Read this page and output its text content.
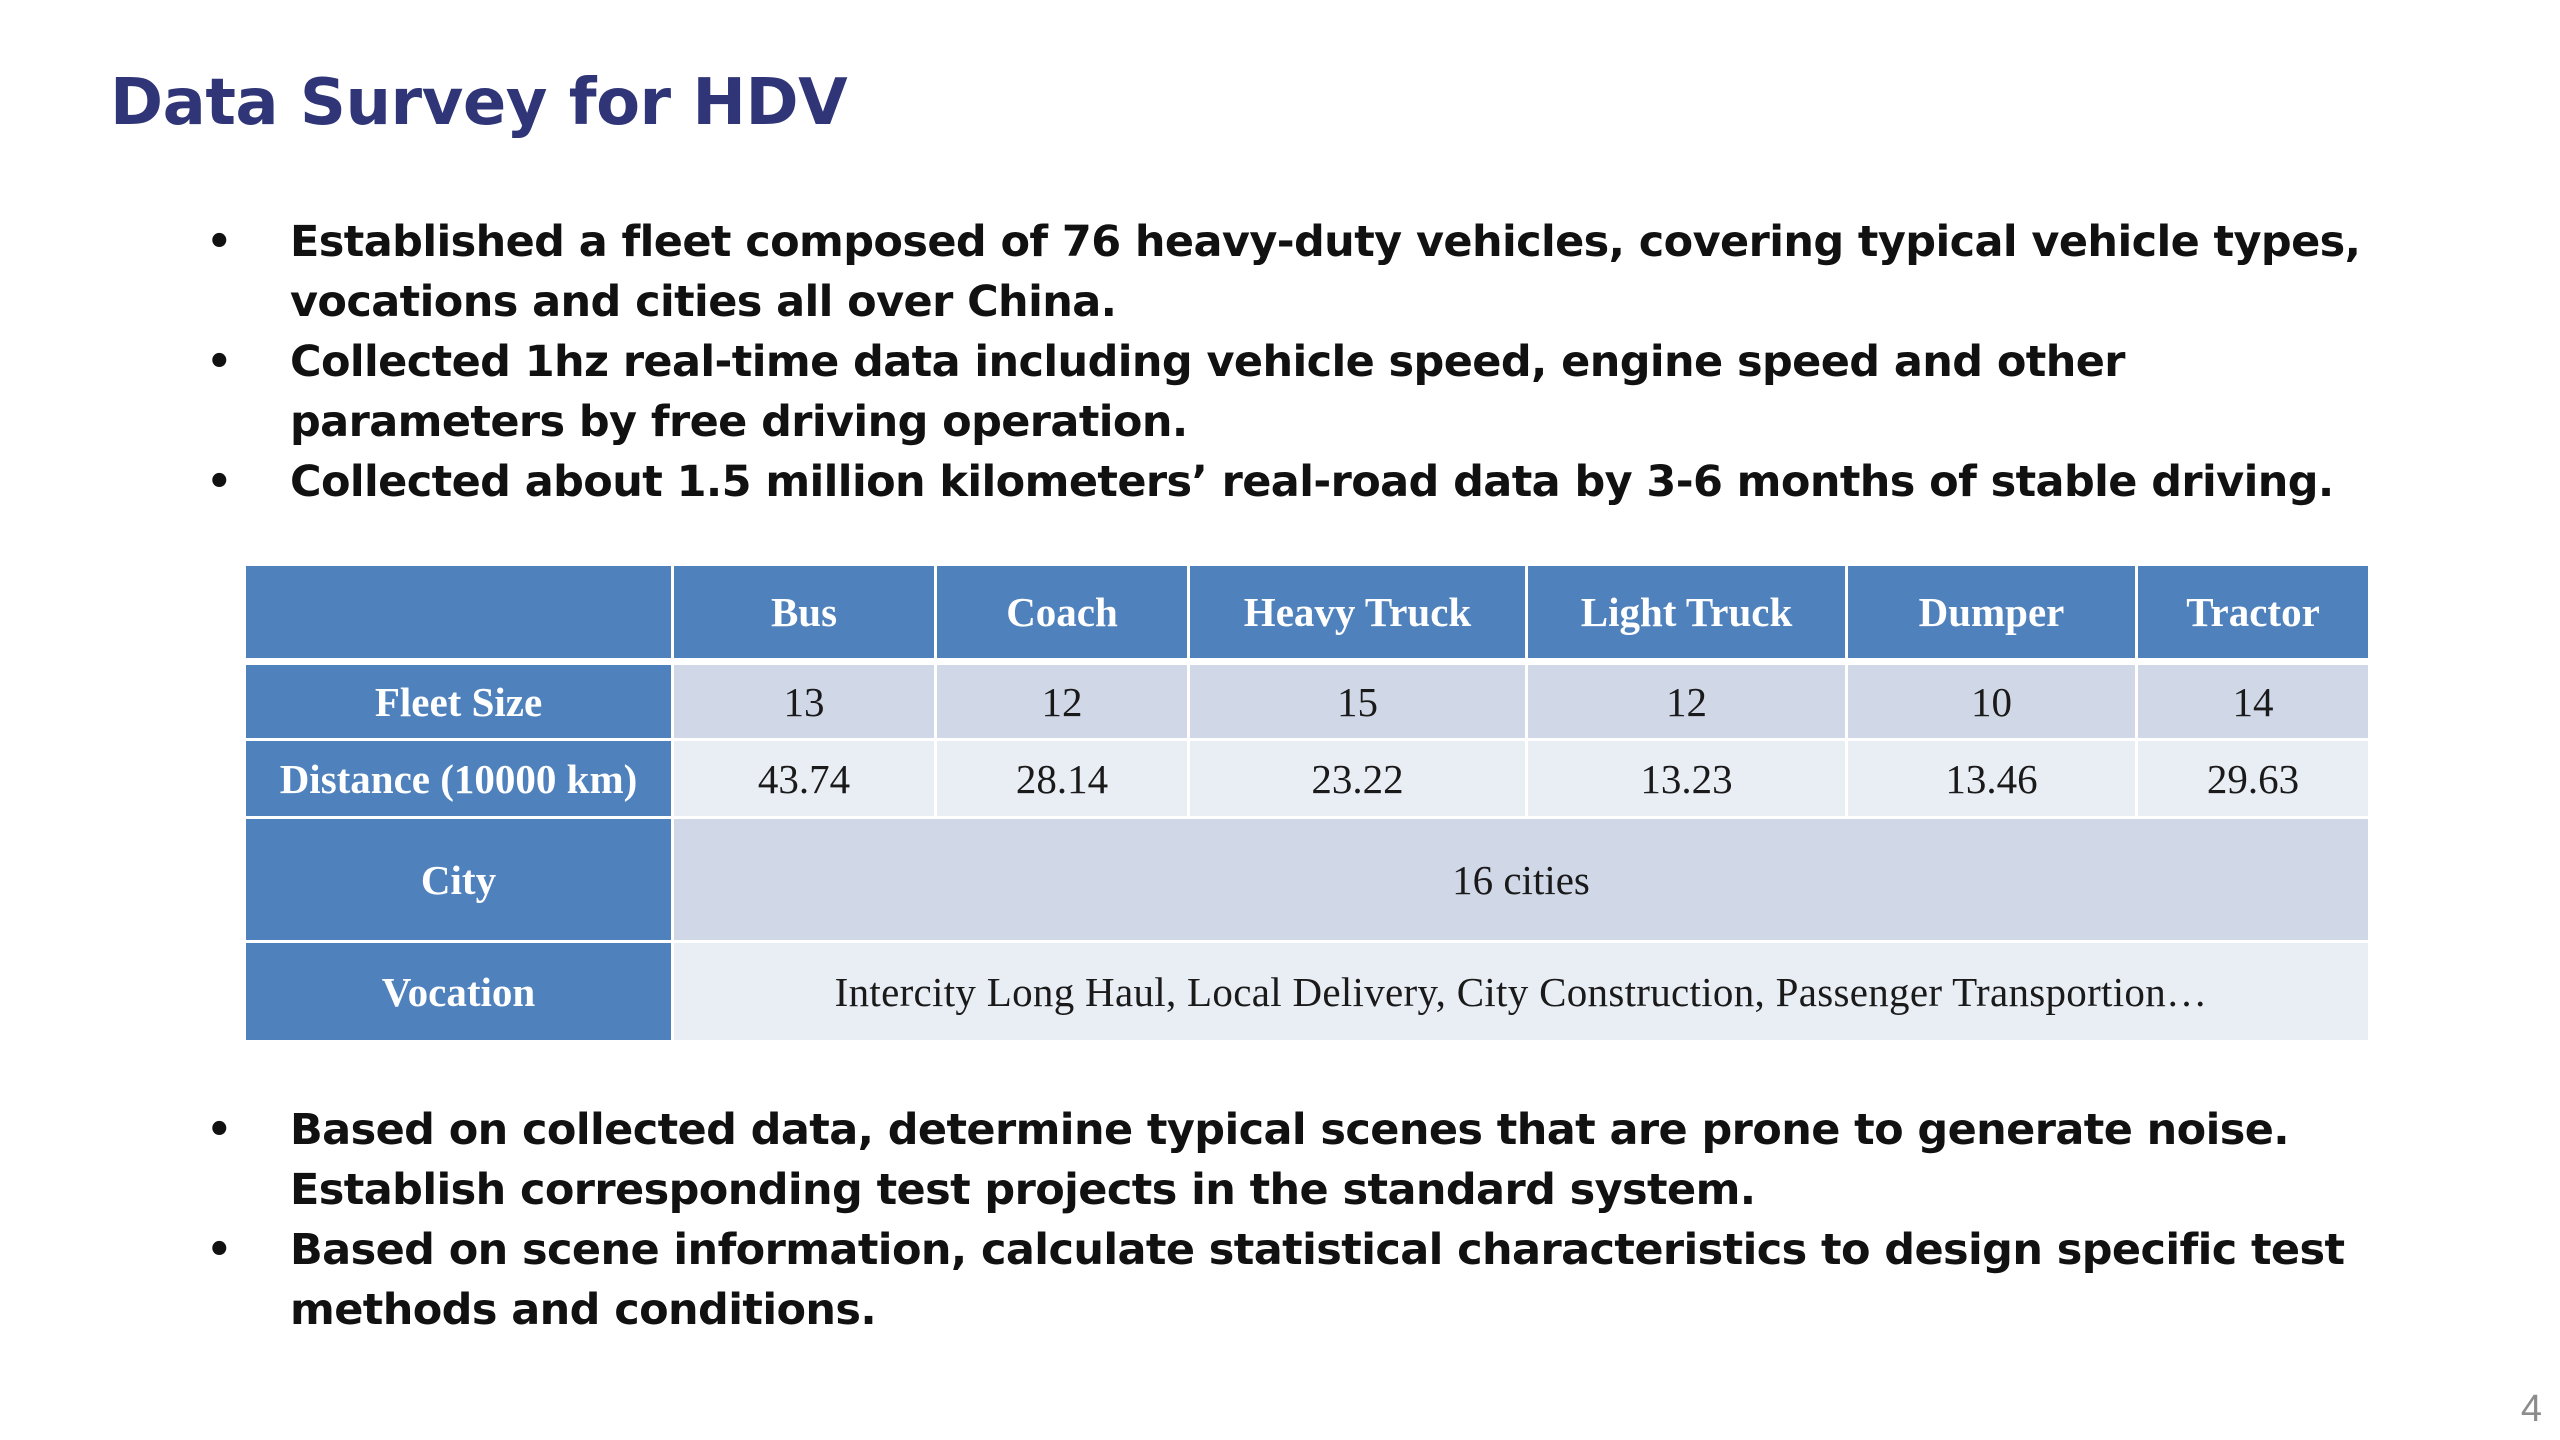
Data Survey for HDV
• Established a fleet composed of 76 heavy-duty vehicles, covering typical vehicle types, vocations and cities all over China.
• Collected 1hz real-time data including vehicle speed, engine speed and other parameters by free driving operation.
• Collected about 1.5 million kilometers’ real-road data by 3-6 months of stable driving.
	Bus	Coach	Heavy Truck	Light Truck	Dumper	Tractor
Fleet Size	13	12	15	12	10	14
Distance (10000 km)	43.74	28.14	23.22	13.23	13.46	29.63
City	16 cities					
Vocation	Intercity Long Haul, Local Delivery, City Construction, Passenger Transportion…					
• Based on collected data, determine typical scenes that are prone to generate noise. Establish corresponding test projects in the standard system.
• Based on scene information, calculate statistical characteristics to design specific test methods and conditions.
4
